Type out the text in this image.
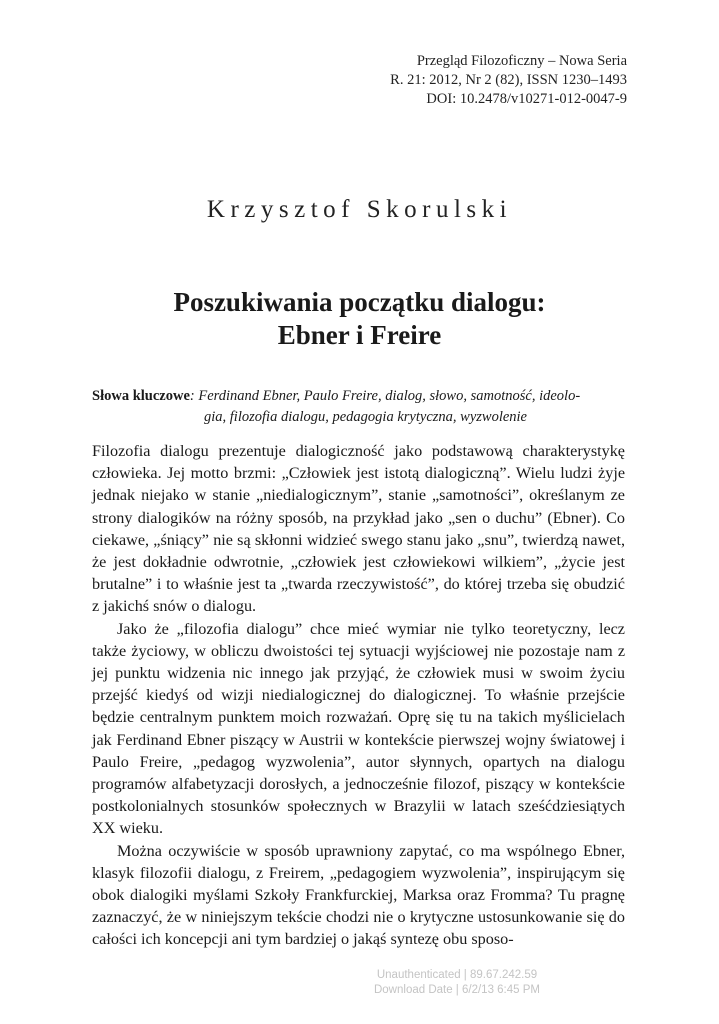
Przegląd Filozoficzny – Nowa Seria
R. 21: 2012, Nr 2 (82), ISSN 1230–1493
DOI: 10.2478/v10271-012-0047-9
Krzysztof Skorulski
Poszukiwania początku dialogu:
Ebner i Freire
Słowa kluczowe: Ferdinand Ebner, Paulo Freire, dialog, słowo, samotność, ideolo-
gia, filozofia dialogu, pedagogia krytyczna, wyzwolenie

Filozofia dialogu prezentuje dialogiczność jako podstawową charakterystykę człowieka. Jej motto brzmi: „Człowiek jest istotą dialogiczną”. Wielu ludzi żyje jednak niejako w stanie „niedialogicznym”, stanie „samotności”, określanym ze strony dialogików na różny sposób, na przykład jako „sen o duchu” (Ebner). Co ciekawe, „śniący” nie są skłonni widzieć swego stanu jako „snu”, twierdzą nawet, że jest dokładnie odwrotnie, „człowiek jest człowiekowi wilkiem”, „życie jest brutalne” i to właśnie jest ta „twarda rzeczywistość”, do której trzeba się obudzić z jakichś snów o dialogu.

Jako że „filozofia dialogu” chce mieć wymiar nie tylko teoretyczny, lecz także życiowy, w obliczu dwoistości tej sytuacji wyjściowej nie pozostaje nam z jej punktu widzenia nic innego jak przyjąć, że człowiek musi w swoim życiu przejść kiedyś od wizji niedialogicznej do dialogicznej. To właśnie przejście będzie centralnym punktem moich rozważań. Oprę się tu na takich myślicielach jak Ferdinand Ebner piszący w Austrii w kontekście pierwszej wojny światowej i Paulo Freire, „pedagog wyzwolenia”, autor słynnych, opartych na dialogu programów alfabetyzacji dorosłych, a jednocześnie filozof, piszący w kontekście postkolonialnych stosunków społecznych w Brazylii w latach sześćdziesiątych XX wieku.

Można oczywiście w sposób uprawniony zapytać, co ma wspólnego Ebner, klasyk filozofii dialogu, z Freirem, „pedagogiem wyzwolenia”, inspirującym się obok dialogiki myślami Szkoły Frankfurckiej, Marksa oraz Fromma? Tu pragnę zaznaczyć, że w niniejszym tekście chodzi nie o krytyczne ustosunkowanie się do całości ich koncepcji ani tym bardziej o jakąś syntezę obu sposo-

Unauthenticated | 89.67.242.59
Download Date | 6/2/13 6:45 PM
